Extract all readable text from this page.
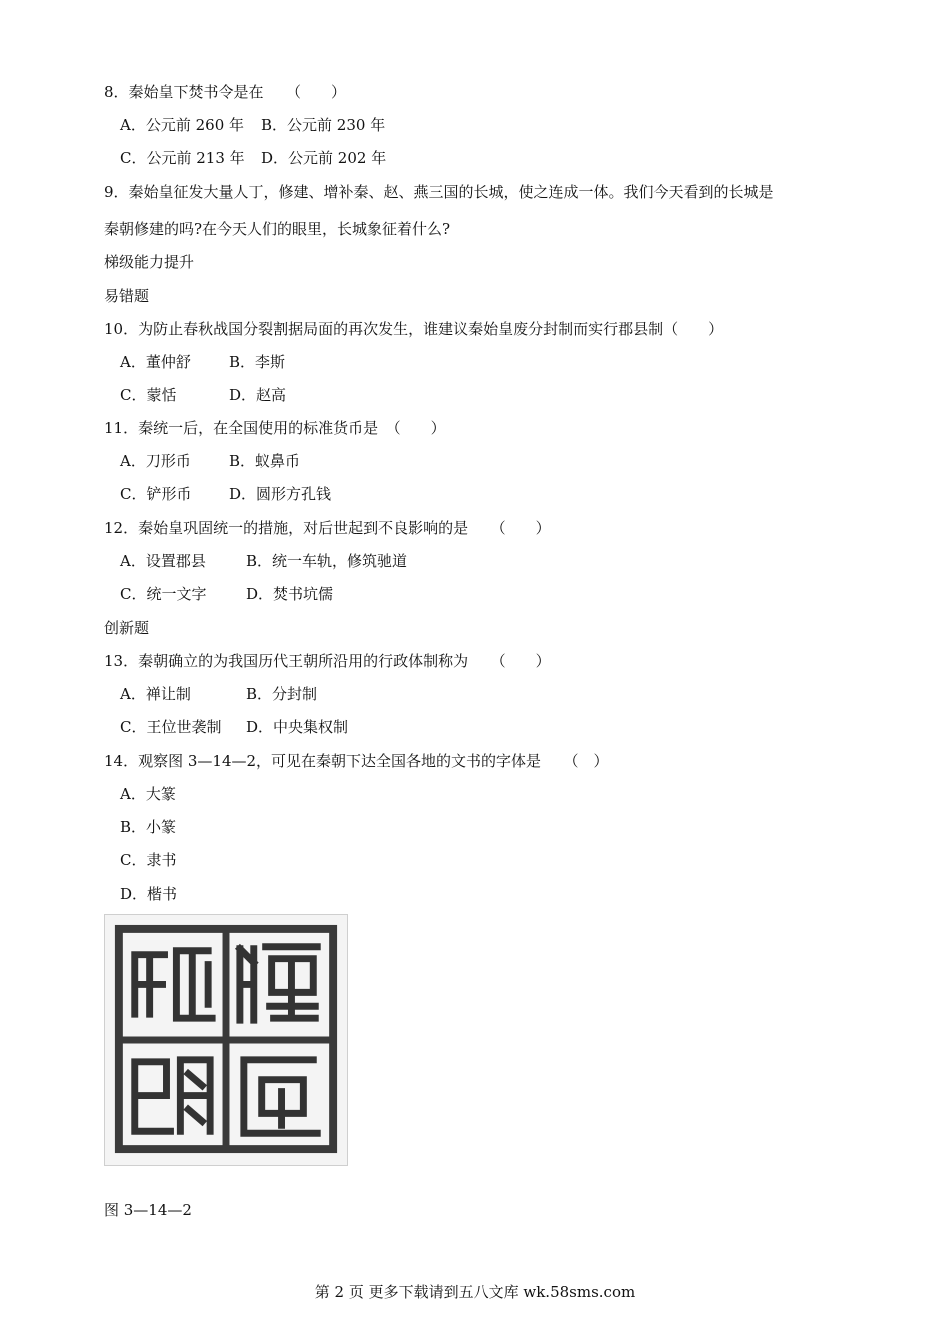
8．秦始皇下焚书令是在　　（　　）
A．公元前 260 年 B．公元前 230 年
C．公元前 213 年 D．公元前 202 年
9．秦始皇征发大量人丁，修建、增补秦、赵、燕三国的长城，使之连成一体。我们今天看到的长城是
秦朝修建的吗?在今天人们的眼里，长城象征着什么?
梯级能力提升
易错题
10．为防止春秋战国分裂割据局面的再次发生，谁建议秦始皇废分封制而实行郡县制（　　）
A．董仲舒	B．李斯
C．蒙恬	D．赵高
11．秦统一后，在全国使用的标准货币是　（　　）
A．刀形币	B．蚁鼻币
C．铲形币	D．圆形方孔钱
12．秦始皇巩固统一的措施，对后世起到不良影响的是　　（　　）
A．设置郡县	B．统一车轨，修筑驰道
C．统一文字	D．焚书坑儒
创新题
13．秦朝确立的为我国历代王朝所沿用的行政体制称为　　（　　）
A．禅让制	B．分封制
C．王位世袭制 D．中央集权制
14．观察图 3—14—2，可见在秦朝下达全国各地的文书的字体是　　（　）
A．大篆
B．小篆
C．隶书
D．楷书
图 3—14—2
第 2 页 更多下载请到五八文库 wk.58sms.com
